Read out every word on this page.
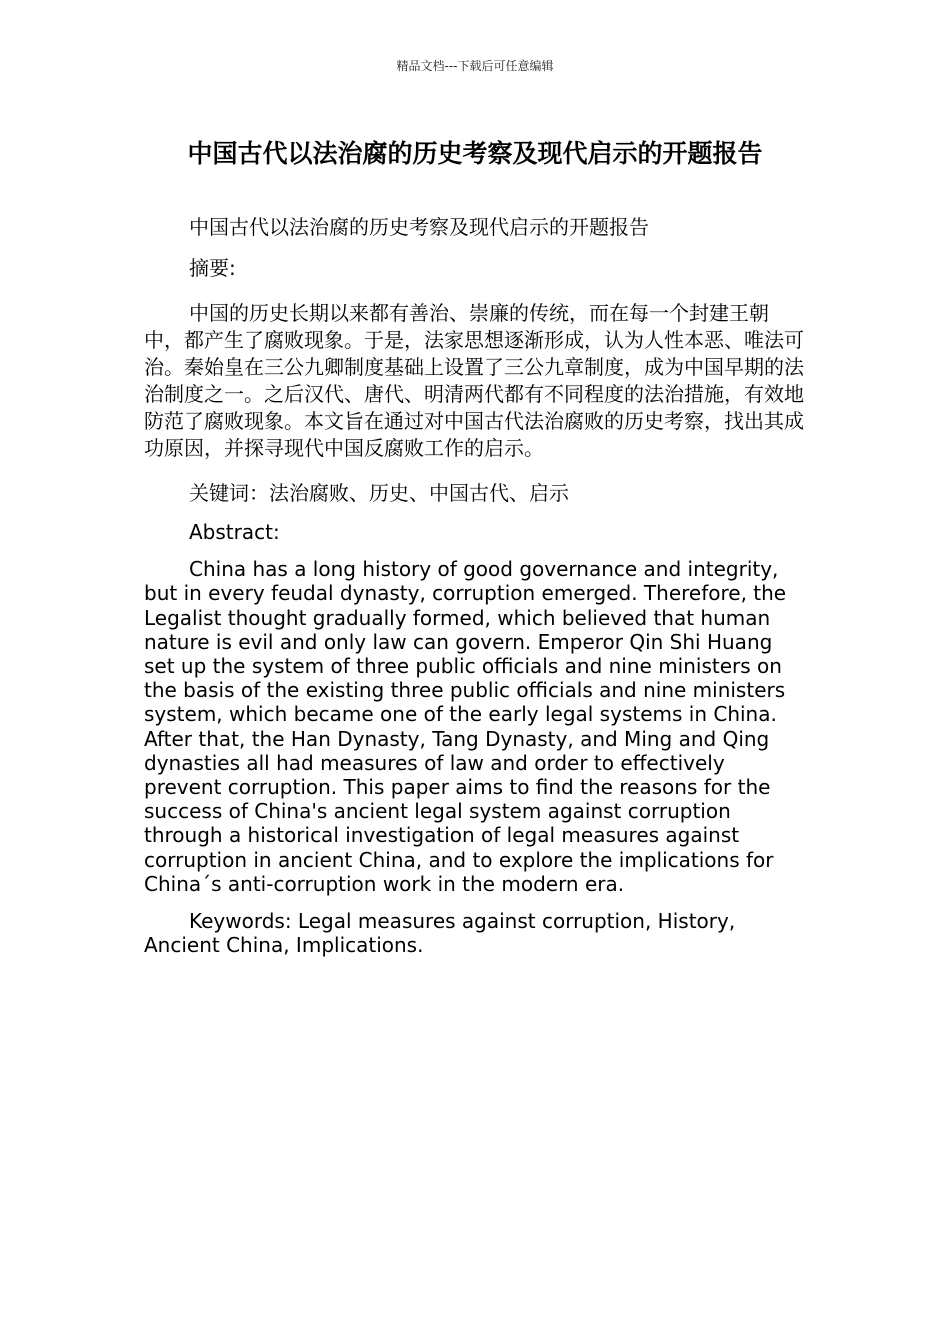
精品文档---下载后可任意编辑
中国古代以法治腐的历史考察及现代启示的开题报告

中国古代以法治腐的历史考察及现代启示的开题报告

摘要:

中国的历史长期以来都有善治、崇廉的传统，而在每一个封建王朝中，都产生了腐败现象。于是，法家思想逐渐形成，认为人性本恶、唯法可治。秦始皇在三公九卿制度基础上设置了三公九章制度，成为中国早期的法治制度之一。之后汉代、唐代、明清两代都有不同程度的法治措施，有效地防范了腐败现象。本文旨在通过对中国古代法治腐败的历史考察，找出其成功原因，并探寻现代中国反腐败工作的启示。

关键词：法治腐败、历史、中国古代、启示

Abstract:

China has a long history of good governance and integrity, but in every feudal dynasty, corruption emerged. Therefore, the Legalist thought gradually formed, which believed that human nature is evil and only law can govern. Emperor Qin Shi Huang set up the system of three public officials and nine ministers on the basis of the existing three public officials and nine ministers system, which became one of the early legal systems in China. After that, the Han Dynasty, Tang Dynasty, and Ming and Qing dynasties all had measures of law and order to effectively prevent corruption. This paper aims to find the reasons for the success of China's ancient legal system against corruption through a historical investigation of legal measures against corruption in ancient China, and to explore the implications for China´s anti-corruption work in the modern era.

Keywords: Legal measures against corruption, History, Ancient China, Implications.
